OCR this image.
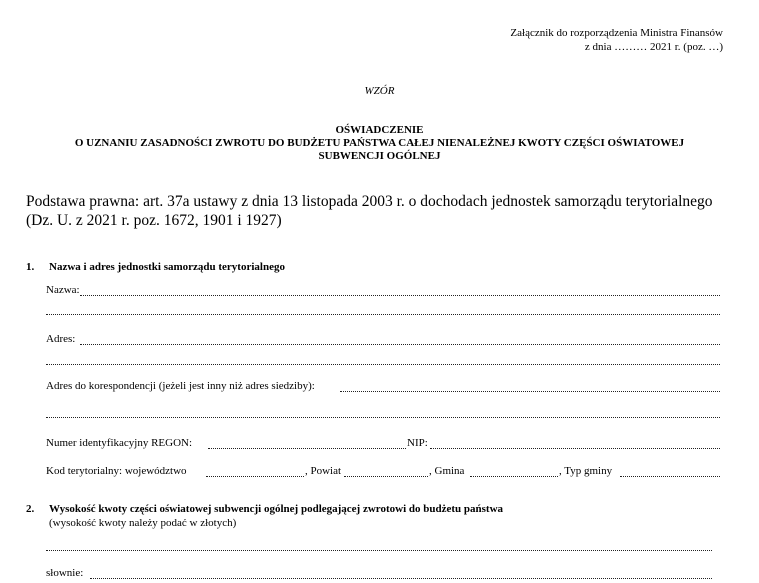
Załącznik do rozporządzenia Ministra Finansów
z dnia ……… 2021 r. (poz. …)
WZÓR
OŚWIADCZENIE
O UZNANIU ZASADNOŚCI ZWROTU DO BUDŻETU PAŃSTWA CAŁEJ NIENALEŻNEJ KWOTY CZĘŚCI OŚWIATOWEJ
SUBWENCJI OGÓLNEJ
Podstawa prawna: art. 37a ustawy z dnia 13 listopada 2003 r. o dochodach jednostek samorządu terytorialnego
(Dz. U. z 2021 r. poz. 1672, 1901 i 1927)
1. Nazwa i adres jednostki samorządu terytorialnego
Nazwa:
Adres:
Adres do korespondencji (jeżeli jest inny niż adres siedziby):
Numer identyfikacyjny REGON:	NIP:
Kod terytorialny: województwo	, Powiat	, Gmina	, Typ gminy
2. Wysokość kwoty części oświatowej subwencji ogólnej podlegającej zwrotowi do budżetu państwa
(wysokość kwoty należy podać w złotych)
słownie:
